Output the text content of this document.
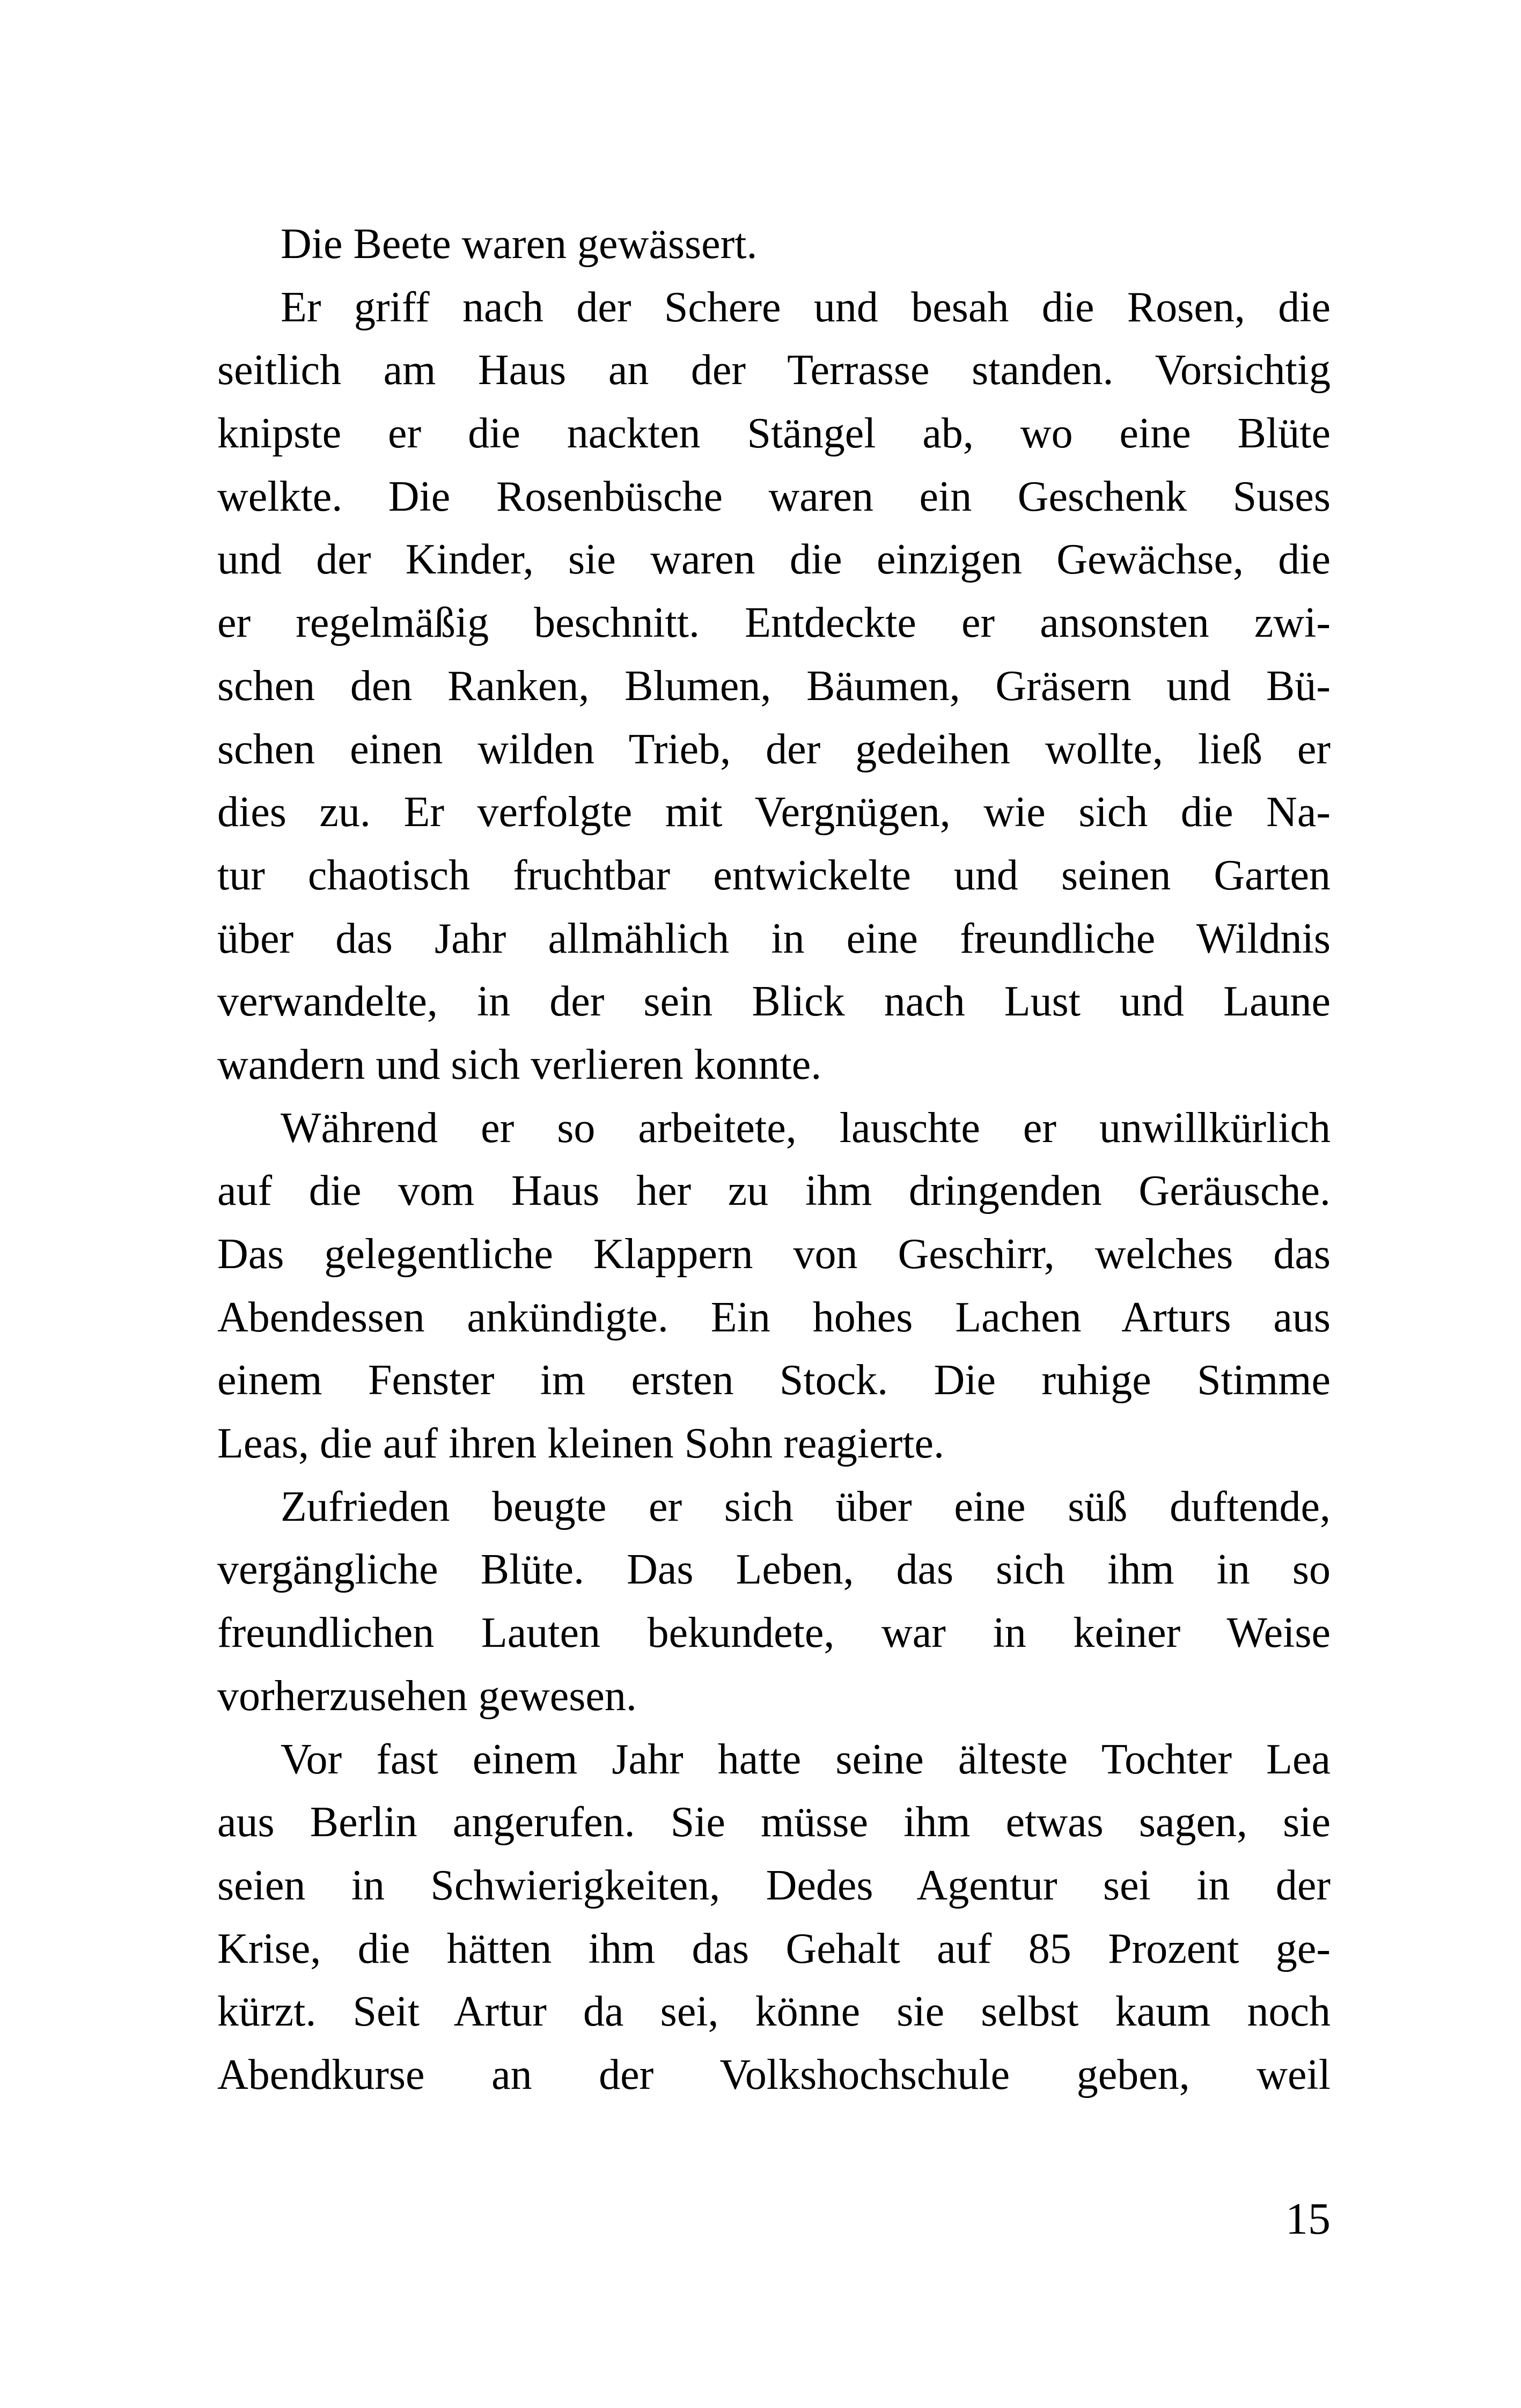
Die Beete waren gewässert.
Er griff nach der Schere und besah die Rosen, die
seitlich am Haus an der Terrasse standen. Vorsichtig
knipste er die nackten Stängel ab, wo eine Blüte
welkte. Die Rosenbüsche waren ein Geschenk Suses
und der Kinder, sie waren die einzigen Gewächse, die
er regelmäßig beschnitt. Entdeckte er ansonsten zwi-
schen den Ranken, Blumen, Bäumen, Gräsern und Bü-
schen einen wilden Trieb, der gedeihen wollte, ließ er
dies zu. Er verfolgte mit Vergnügen, wie sich die Na-
tur chaotisch fruchtbar entwickelte und seinen Garten
über das Jahr allmählich in eine freundliche Wildnis
verwandelte, in der sein Blick nach Lust und Laune
wandern und sich verlieren konnte.
Während er so arbeitete, lauschte er unwillkürlich
auf die vom Haus her zu ihm dringenden Geräusche.
Das gelegentliche Klappern von Geschirr, welches das
Abendessen ankündigte. Ein hohes Lachen Arturs aus
einem Fenster im ersten Stock. Die ruhige Stimme
Leas, die auf ihren kleinen Sohn reagierte.
Zufrieden beugte er sich über eine süß duftende,
vergängliche Blüte. Das Leben, das sich ihm in so
freundlichen Lauten bekundete, war in keiner Weise
vorherzusehen gewesen.
Vor fast einem Jahr hatte seine älteste Tochter Lea
aus Berlin angerufen. Sie müsse ihm etwas sagen, sie
seien in Schwierigkeiten, Dedes Agentur sei in der
Krise, die hätten ihm das Gehalt auf 85 Prozent ge-
kürzt. Seit Artur da sei, könne sie selbst kaum noch
Abendkurse an der Volkshochschule geben, weil
15
